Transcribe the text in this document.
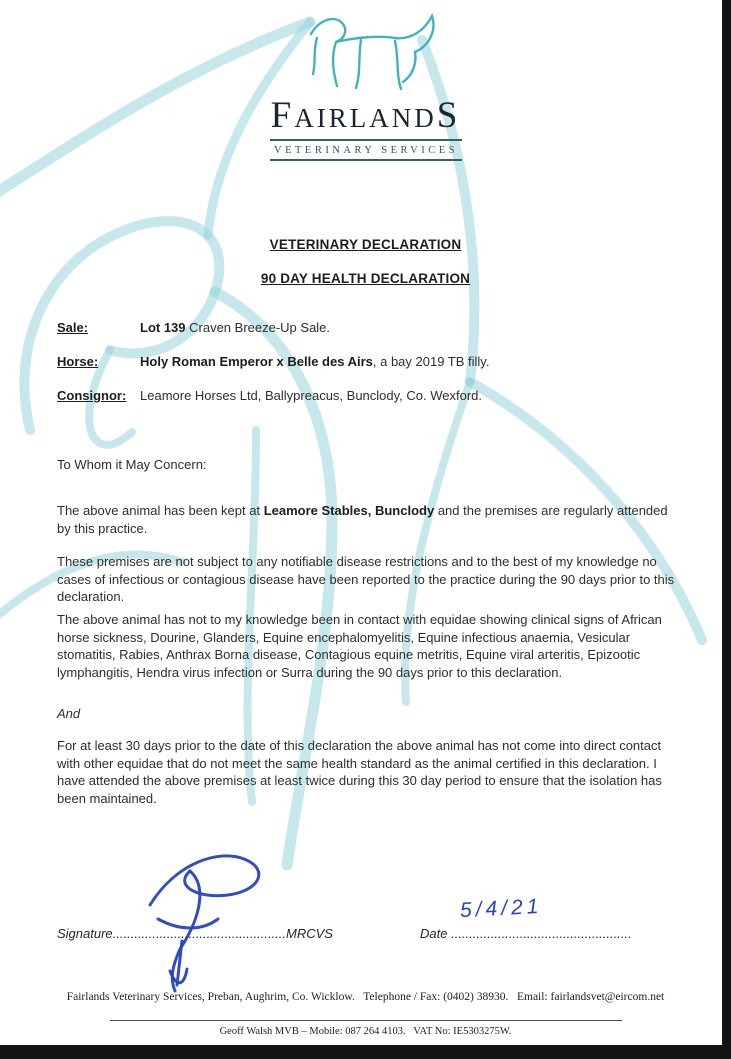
FAIRLANDS
VETERINARY SERVICES
VETERINARY DECLARATION
90 DAY HEALTH DECLARATION
Sale:	Lot 139 Craven Breeze-Up Sale.
Horse:	Holy Roman Emperor x Belle des Airs, a bay 2019 TB filly.
Consignor: Leamore Horses Ltd, Ballypreacus, Bunclody, Co. Wexford.
To Whom it May Concern:
The above animal has been kept at Leamore Stables, Bunclody and the premises are regularly attended by this practice.
These premises are not subject to any notifiable disease restrictions and to the best of my knowledge no cases of infectious or contagious disease have been reported to the practice during the 90 days prior to this declaration.
The above animal has not to my knowledge been in contact with equidae showing clinical signs of African horse sickness, Dourine, Glanders, Equine encephalomyelitis, Equine infectious anaemia, Vesicular stomatitis, Rabies, Anthrax Borna disease, Contagious equine metritis, Equine viral arteritis, Epizootic lymphangitis, Hendra virus infection or Surra during the 90 days prior to this declaration.
And
For at least 30 days prior to the date of this declaration the above animal has not come into direct contact with other equidae that do not meet the same health standard as the animal certified in this declaration. I have attended the above premises at least twice during this 30 day period to ensure that the isolation has been maintained.
Signature................................................MRCVS	Date ..................................................
5/4/21
Fairlands Veterinary Services, Preban, Aughrim, Co. Wicklow.   Telephone / Fax: (0402) 38930.   Email: fairlandsvet@eircom.net
Geoff Walsh MVB – Mobile: 087 264 4103.   VAT No: IE5303275W.
